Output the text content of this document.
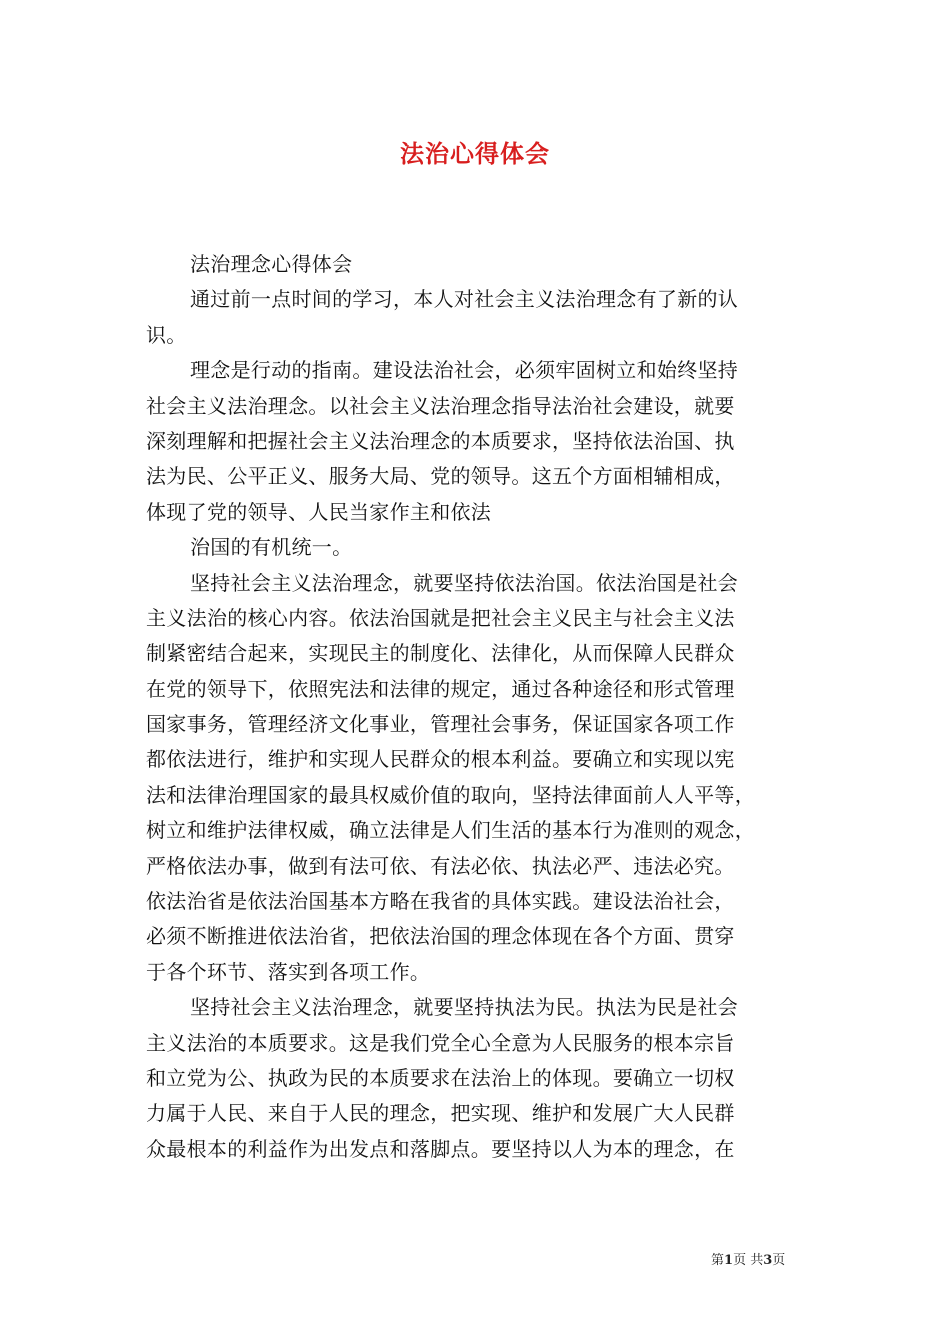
法治心得体会
法治理念心得体会
通过前一点时间的学习，本人对社会主义法治理念有了新的认
识。
理念是行动的指南。建设法治社会，必须牢固树立和始终坚持
社会主义法治理念。以社会主义法治理念指导法治社会建设，就要
深刻理解和把握社会主义法治理念的本质要求，坚持依法治国、执
法为民、公平正义、服务大局、党的领导。这五个方面相辅相成，
体现了党的领导、人民当家作主和依法
治国的有机统一。
坚持社会主义法治理念，就要坚持依法治国。依法治国是社会
主义法治的核心内容。依法治国就是把社会主义民主与社会主义法
制紧密结合起来，实现民主的制度化、法律化，从而保障人民群众
在党的领导下，依照宪法和法律的规定，通过各种途径和形式管理
国家事务，管理经济文化事业，管理社会事务，保证国家各项工作
都依法进行，维护和实现人民群众的根本利益。要确立和实现以宪
法和法律治理国家的最具权威价值的取向，坚持法律面前人人平等，
树立和维护法律权威，确立法律是人们生活的基本行为准则的观念，
严格依法办事，做到有法可依、有法必依、执法必严、违法必究。
依法治省是依法治国基本方略在我省的具体实践。建设法治社会，
必须不断推进依法治省，把依法治国的理念体现在各个方面、贯穿
于各个环节、落实到各项工作。
坚持社会主义法治理念，就要坚持执法为民。执法为民是社会
主义法治的本质要求。这是我们党全心全意为人民服务的根本宗旨
和立党为公、执政为民的本质要求在法治上的体现。要确立一切权
力属于人民、来自于人民的理念，把实现、维护和发展广大人民群
众最根本的利益作为出发点和落脚点。要坚持以人为本的理念，在
第1页 共3页
